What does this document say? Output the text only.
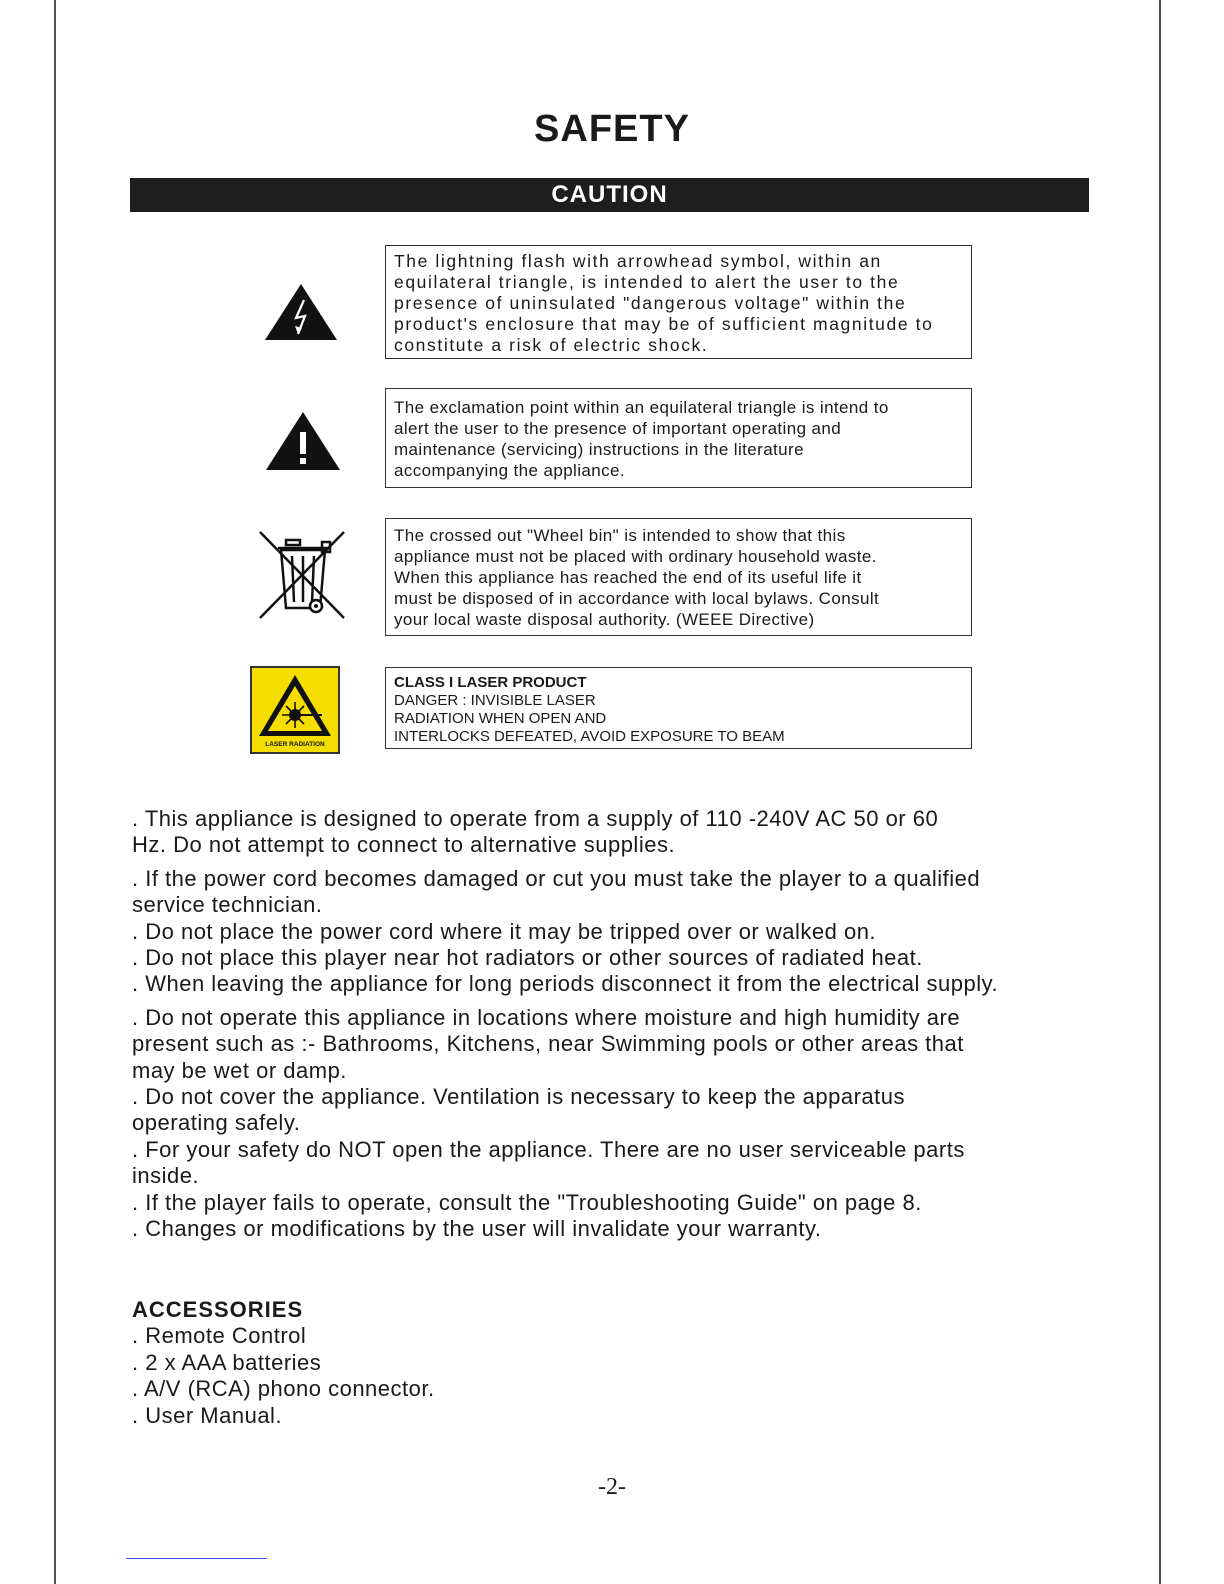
SAFETY
CAUTION

The lightning flash with arrowhead symbol, within an

equilateral triangle, is intended to alert the user to the

presence of uninsulated "dangerous voltage" within the

product's enclosure that may be of sufficient magnitude to

constitute a risk of electric shock.

The exclamation point within an equilateral triangle is intend to

alert the user to the presence of important operating and

maintenance (servicing) instructions in the literature

accompanying the appliance.

The crossed out "Wheel bin" is intended to show that this

appliance must not be placed with ordinary household waste.

When this appliance has reached the end of its useful life it

must be disposed of in accordance with local bylaws. Consult

your local waste disposal authority. (WEEE Directive)

LASER RADIATION

CLASS I LASER PRODUCT

DANGER : INVISIBLE LASER

RADIATION WHEN OPEN AND

INTERLOCKS DEFEATED, AVOID EXPOSURE TO BEAM

. This appliance is designed to operate from a supply of 110 -240V AC 50 or 60

Hz. Do not attempt to connect to alternative supplies.

. If the power cord becomes damaged or cut you must take the player to a qualified

service technician.

. Do not place the power cord where it may be tripped over or walked on.

. Do not place this player near hot radiators or other sources of radiated heat.

. When leaving the appliance for long periods disconnect it from the electrical supply.

. Do not operate this appliance in locations where moisture and high humidity are

present such as :- Bathrooms, Kitchens, near Swimming pools or other areas that

may be wet or damp.

. Do not cover the appliance. Ventilation is necessary to keep the apparatus

operating safely.

. For your safety do NOT open the appliance. There are no user serviceable parts

inside.

. If the player fails to operate, consult the "Troubleshooting Guide" on page 8.

. Changes or modifications by the user will invalidate your warranty.

ACCESSORIES

. Remote Control

. 2 x AAA batteries

. A/V (RCA) phono connector.

. User Manual.

-2-
